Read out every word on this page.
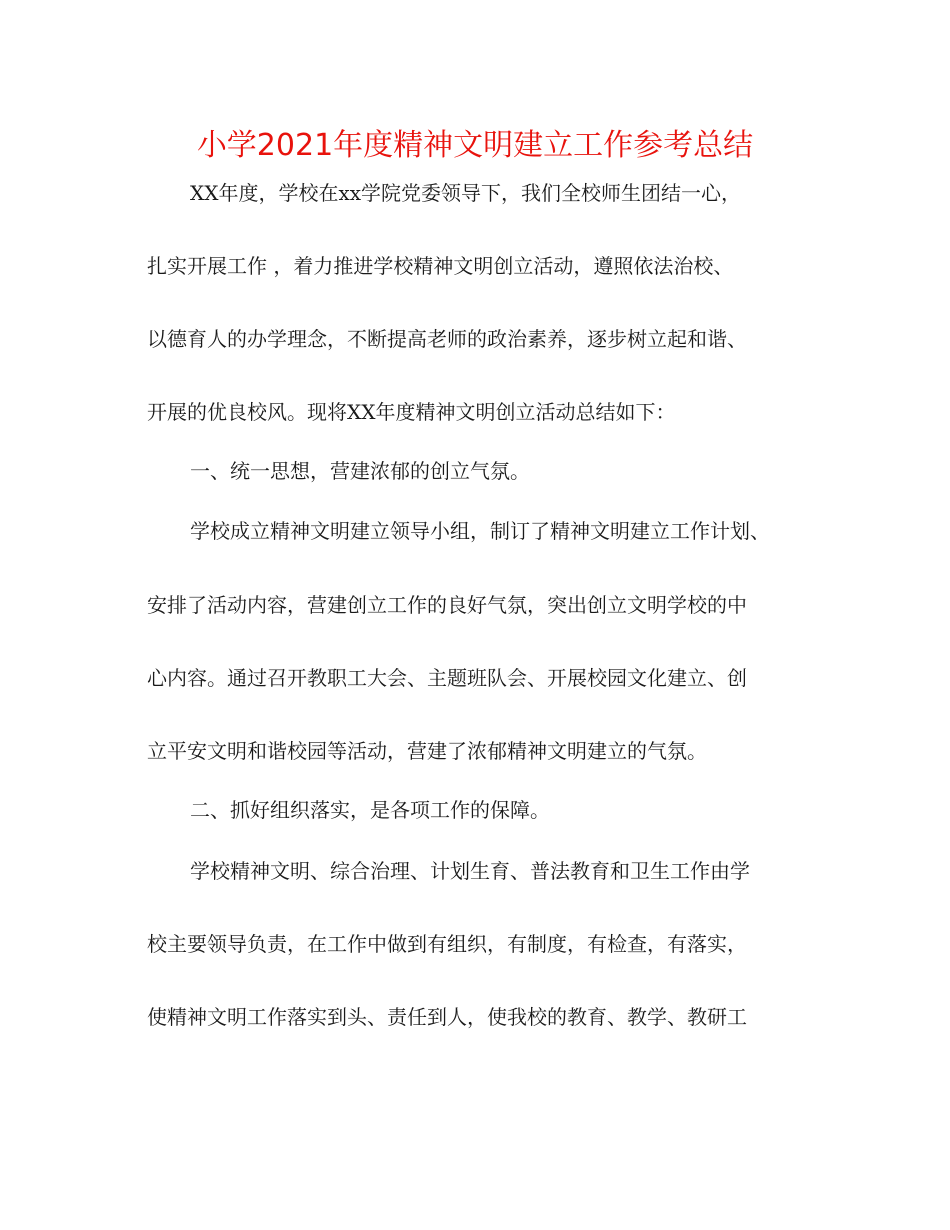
小学2021年度精神文明建立工作参考总结
XX年度，学校在xx学院党委领导下，我们全校师生团结一心，
扎实开展工作 ，着力推进学校精神文明创立活动，遵照依法治校、
以德育人的办学理念，不断提高老师的政治素养，逐步树立起和谐、
开展的优良校风。现将XX年度精神文明创立活动总结如下：
一、统一思想，营建浓郁的创立气氛。
学校成立精神文明建立领导小组，制订了精神文明建立工作计划、
安排了活动内容，营建创立工作的良好气氛，突出创立文明学校的中
心内容。通过召开教职工大会、主题班队会、开展校园文化建立、创
立平安文明和谐校园等活动，营建了浓郁精神文明建立的气氛。
二、抓好组织落实，是各项工作的保障。
学校精神文明、综合治理、计划生育、普法教育和卫生工作由学
校主要领导负责，在工作中做到有组织，有制度，有检查，有落实，
使精神文明工作落实到头、责任到人，使我校的教育、教学、教研工
